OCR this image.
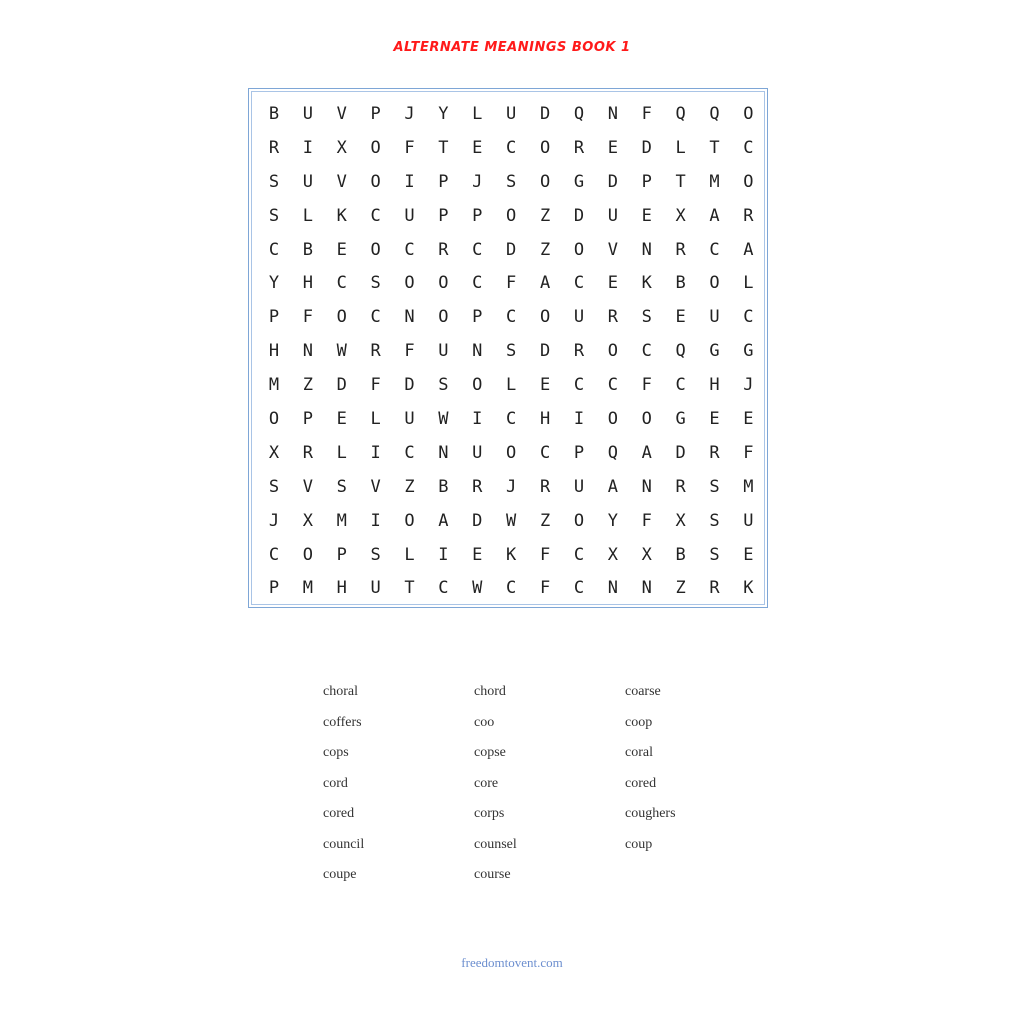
ALTERNATE MEANINGS BOOK 1
B	U	V	P	J	Y	L	U	D	Q	N	F	Q	Q	O
R	I	X	O	F	T	E	C	O	R	E	D	L	T	C
S	U	V	O	I	P	J	S	O	G	D	P	T	M	O
S	L	K	C	U	P	P	O	Z	D	U	E	X	A	R
C	B	E	O	C	R	C	D	Z	O	V	N	R	C	A
Y	H	C	S	O	O	C	F	A	C	E	K	B	O	L
P	F	O	C	N	O	P	C	O	U	R	S	E	U	C
H	N	W	R	F	U	N	S	D	R	O	C	Q	G	G
M	Z	D	F	D	S	O	L	E	C	C	F	C	H	J
O	P	E	L	U	W	I	C	H	I	O	O	G	E	E
X	R	L	I	C	N	U	O	C	P	Q	A	D	R	F
S	V	S	V	Z	B	R	J	R	U	A	N	R	S	M
J	X	M	I	O	A	D	W	Z	O	Y	F	X	S	U
C	O	P	S	L	I	E	K	F	C	X	X	B	S	E
P	M	H	U	T	C	W	C	F	C	N	N	Z	R	K
choral	chord	coarse
coffers	coo	coop
cops	copse	coral
cord	core	cored
cored	corps	coughers
council	counsel	coup
coupe	course
freedomtovent.com
